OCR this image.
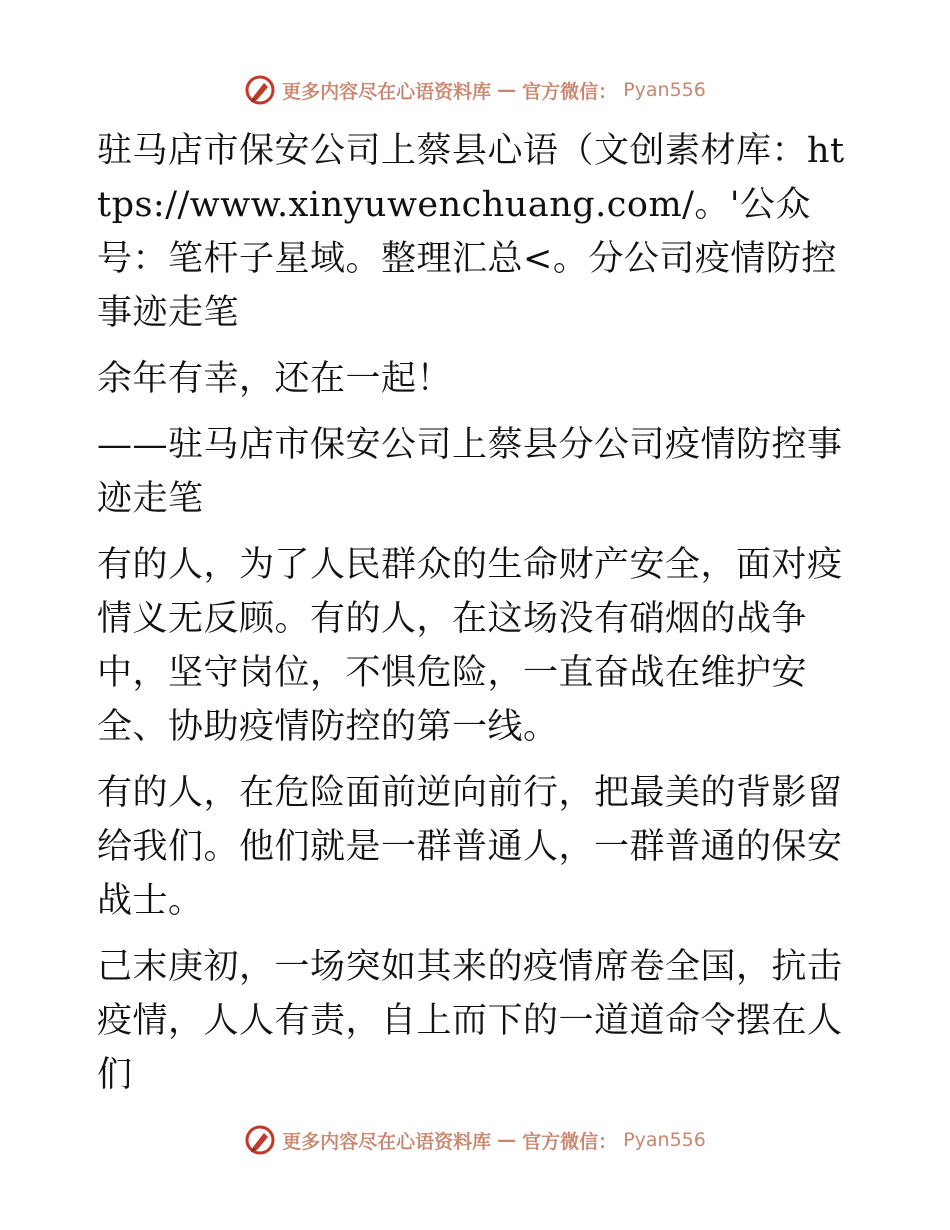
更多内容尽在心语资料库 — 官方微信： Pyan556

驻马店市保安公司上蔡县心语（文创素材库：https://www.xinyuwenchuang.com/。'公众号：笔杆子星域。整理汇总<。分公司疫情防控事迹走笔

余年有幸，还在一起！

——驻马店市保安公司上蔡县分公司疫情防控事迹走笔

有的人，为了人民群众的生命财产安全，面对疫情义无反顾。有的人，在这场没有硝烟的战争中，坚守岗位，不惧危险，一直奋战在维护安全、协助疫情防控的第一线。

有的人，在危险面前逆向前行，把最美的背影留给我们。他们就是一群普通人，一群普通的保安战士。

己末庚初，一场突如其来的疫情席卷全国，抗击疫情，人人有责，自上而下的一道道命令摆在人们

更多内容尽在心语资料库 — 官方微信： Pyan556
